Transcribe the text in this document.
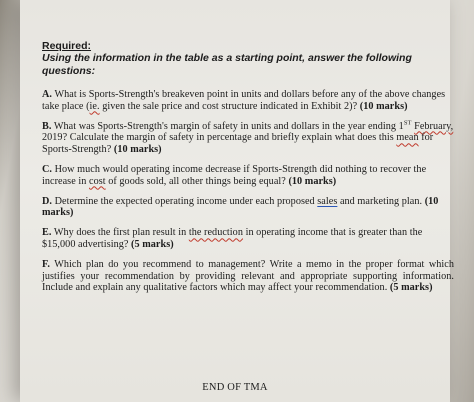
Required:

Using the information in the table as a starting point, answer the following questions:

A. What is Sports-Strength's breakeven point in units and dollars before any of the above changes take place (ie. given the sale price and cost structure indicated in Exhibit 2)? (10 marks)

B. What was Sports-Strength's margin of safety in units and dollars in the year ending 1ST February, 2019? Calculate the margin of safety in percentage and briefly explain what does this mean for Sports-Strength? (10 marks)

C. How much would operating income decrease if Sports-Strength did nothing to recover the increase in cost of goods sold, all other things being equal? (10 marks)

D. Determine the expected operating income under each proposed sales and marketing plan. (10 marks)

E. Why does the first plan result in the reduction in operating income that is greater than the $15,000 advertising? (5 marks)

F. Which plan do you recommend to management? Write a memo in the proper format which justifies your recommendation by providing relevant and appropriate supporting information. Include and explain any qualitative factors which may affect your recommendation. (5 marks)

END OF TMA
